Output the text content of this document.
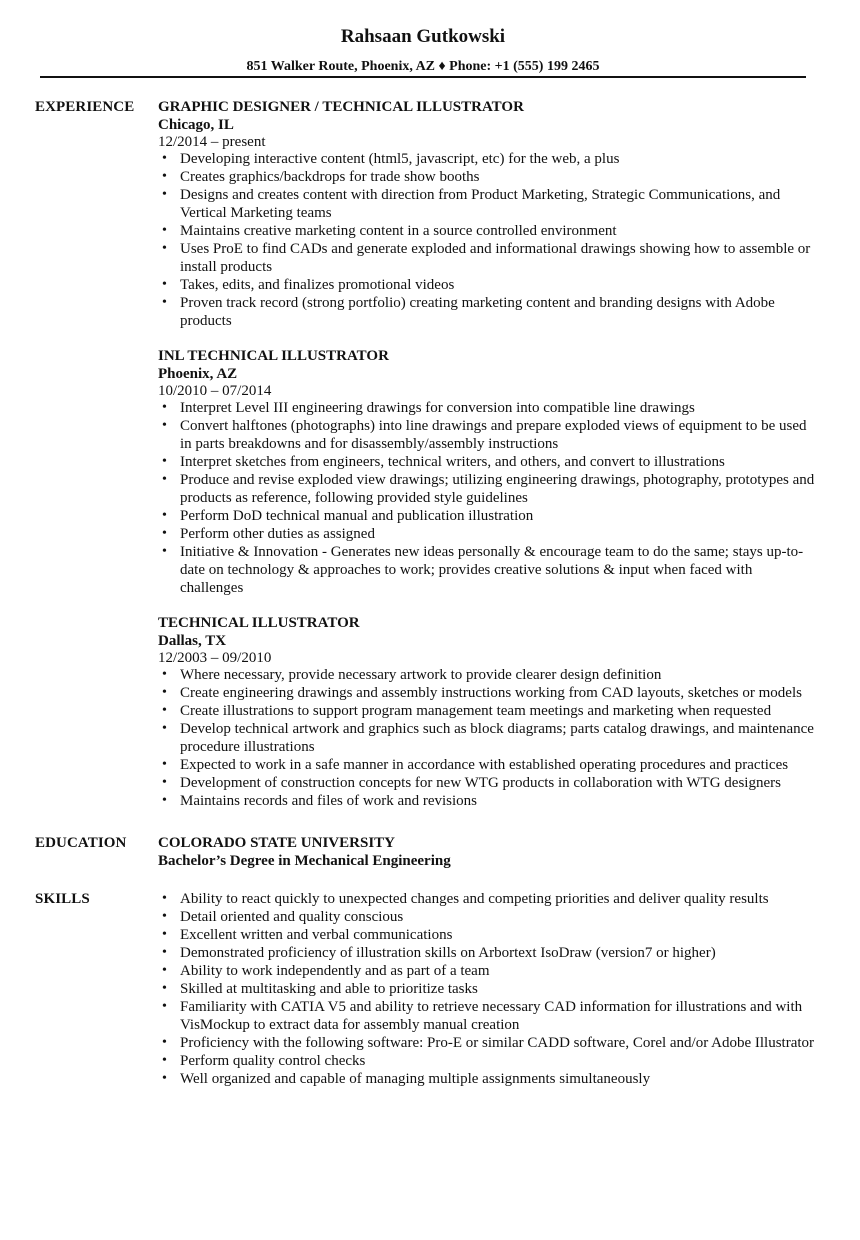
Rahsaan Gutkowski
851 Walker Route, Phoenix, AZ ♦ Phone: +1 (555) 199 2465
EXPERIENCE	GRAPHIC DESIGNER / TECHNICAL ILLUSTRATOR
Chicago, IL
12/2014 – present
• Developing interactive content (html5, javascript, etc) for the web, a plus
• Creates graphics/backdrops for trade show booths
• Designs and creates content with direction from Product Marketing, Strategic Communications, and Vertical Marketing teams
• Maintains creative marketing content in a source controlled environment
• Uses ProE to find CADs and generate exploded and informational drawings showing how to assemble or install products
• Takes, edits, and finalizes promotional videos
• Proven track record (strong portfolio) creating marketing content and branding designs with Adobe products
INL TECHNICAL ILLUSTRATOR
Phoenix, AZ
10/2010 – 07/2014
• Interpret Level III engineering drawings for conversion into compatible line drawings
• Convert halftones (photographs) into line drawings and prepare exploded views of equipment to be used in parts breakdowns and for disassembly/assembly instructions
• Interpret sketches from engineers, technical writers, and others, and convert to illustrations
• Produce and revise exploded view drawings; utilizing engineering drawings, photography, prototypes and products as reference, following provided style guidelines
• Perform DoD technical manual and publication illustration
• Perform other duties as assigned
• Initiative & Innovation - Generates new ideas personally & encourage team to do the same; stays up-to-date on technology & approaches to work; provides creative solutions & input when faced with challenges
TECHNICAL ILLUSTRATOR
Dallas, TX
12/2003 – 09/2010
• Where necessary, provide necessary artwork to provide clearer design definition
• Create engineering drawings and assembly instructions working from CAD layouts, sketches or models
• Create illustrations to support program management team meetings and marketing when requested
• Develop technical artwork and graphics such as block diagrams; parts catalog drawings, and maintenance procedure illustrations
• Expected to work in a safe manner in accordance with established operating procedures and practices
• Development of construction concepts for new WTG products in collaboration with WTG designers
• Maintains records and files of work and revisions
EDUCATION	COLORADO STATE UNIVERSITY
Bachelor’s Degree in Mechanical Engineering
SKILLS
•	Ability to react quickly to unexpected changes and competing priorities and deliver quality results
• Detail oriented and quality conscious
• Excellent written and verbal communications
• Demonstrated proficiency of illustration skills on Arbortext IsoDraw (version7 or higher)
• Ability to work independently and as part of a team
• Skilled at multitasking and able to prioritize tasks
• Familiarity with CATIA V5 and ability to retrieve necessary CAD information for illustrations and with VisMockup to extract data for assembly manual creation
• Proficiency with the following software: Pro-E or similar CADD software, Corel and/or Adobe Illustrator
• Perform quality control checks
• Well organized and capable of managing multiple assignments simultaneously
